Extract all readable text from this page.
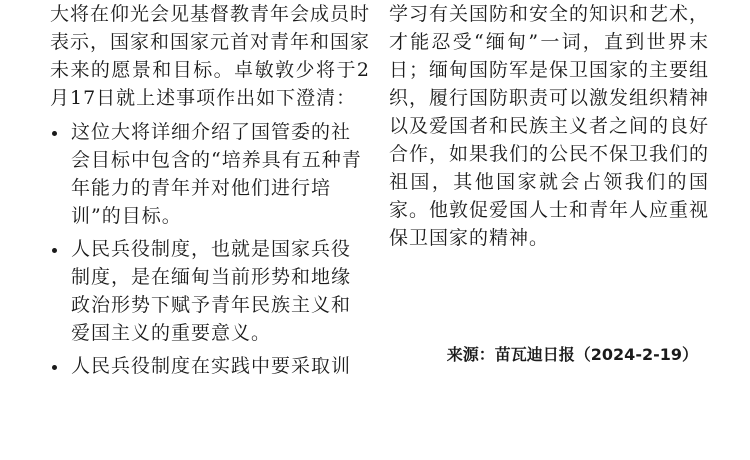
大将在仰光会见基督教青年会成员时表示，国家和国家元首对青年和国家未来的愿景和目标。卓敏敦少将于2月17日就上述事项作出如下澄清：

这位大将详细介绍了国管委的社会目标中包含的“培养具有五种青年能力的青年并对他们进行培训”的目标。
人民兵役制度，也就是国家兵役制度，是在缅甸当前形势和地缘政治形势下赋予青年民族主义和爱国主义的重要意义。
人民兵役制度在实践中要采取训

学习有关国防和安全的知识和艺术，才能忍受“缅甸”一词，直到世界末日；缅甸国防军是保卫国家的主要组织，履行国防职责可以激发组织精神以及爱国者和民族主义者之间的良好合作，如果我们的公民不保卫我们的祖国，其他国家就会占领我们的国家。他敦促爱国人士和青年人应重视保卫国家的精神。

来源：苗瓦迪日报（2024-2-19）
